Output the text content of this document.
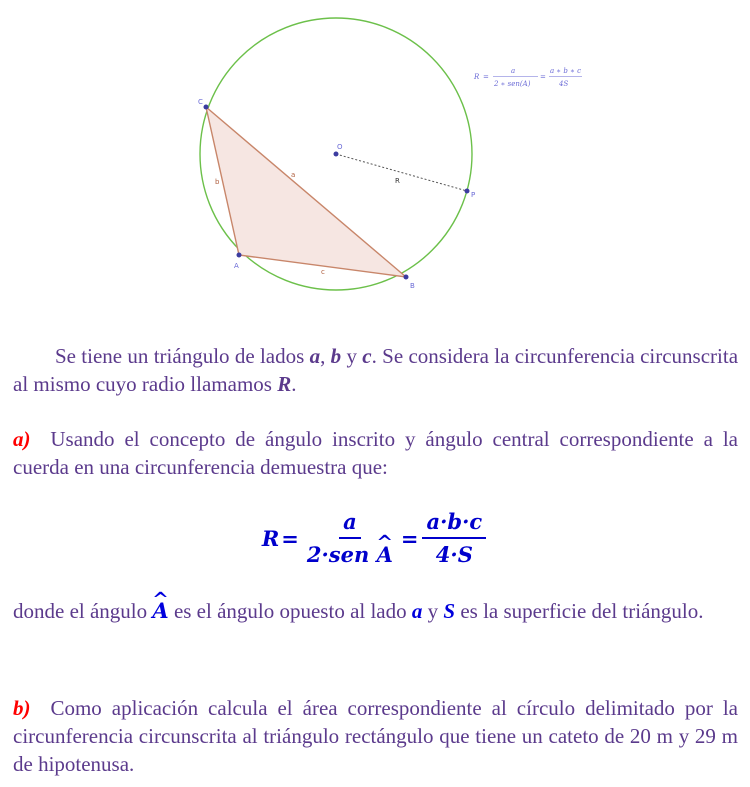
C
A
B
O
P
a
b
c
R
R =
a
2 ∗ sen(A)
=
a ∗ b ∗ c
4S

Se tiene un triángulo de lados a, b y c. Se considera la circunferencia circunscrita al mismo cuyo radio llamamos R.

a) Usando el concepto de ángulo inscrito y ángulo central correspondiente a la cuerda en una circunferencia demuestra que:

$R = \frac{a}{\text{2·sen \textasciicircum{} A}} = \frac{a\cdot b\cdot c}{4\cdot S}$

donde el ángulo ^ A es el ángulo opuesto al lado a y S es la superficie del triángulo.

b) Como aplicación calcula el área correspondiente al círculo delimitado por la circunferencia circunscrita al triángulo rectángulo que tiene un cateto de 20 m y 29 m de hipotenusa.
